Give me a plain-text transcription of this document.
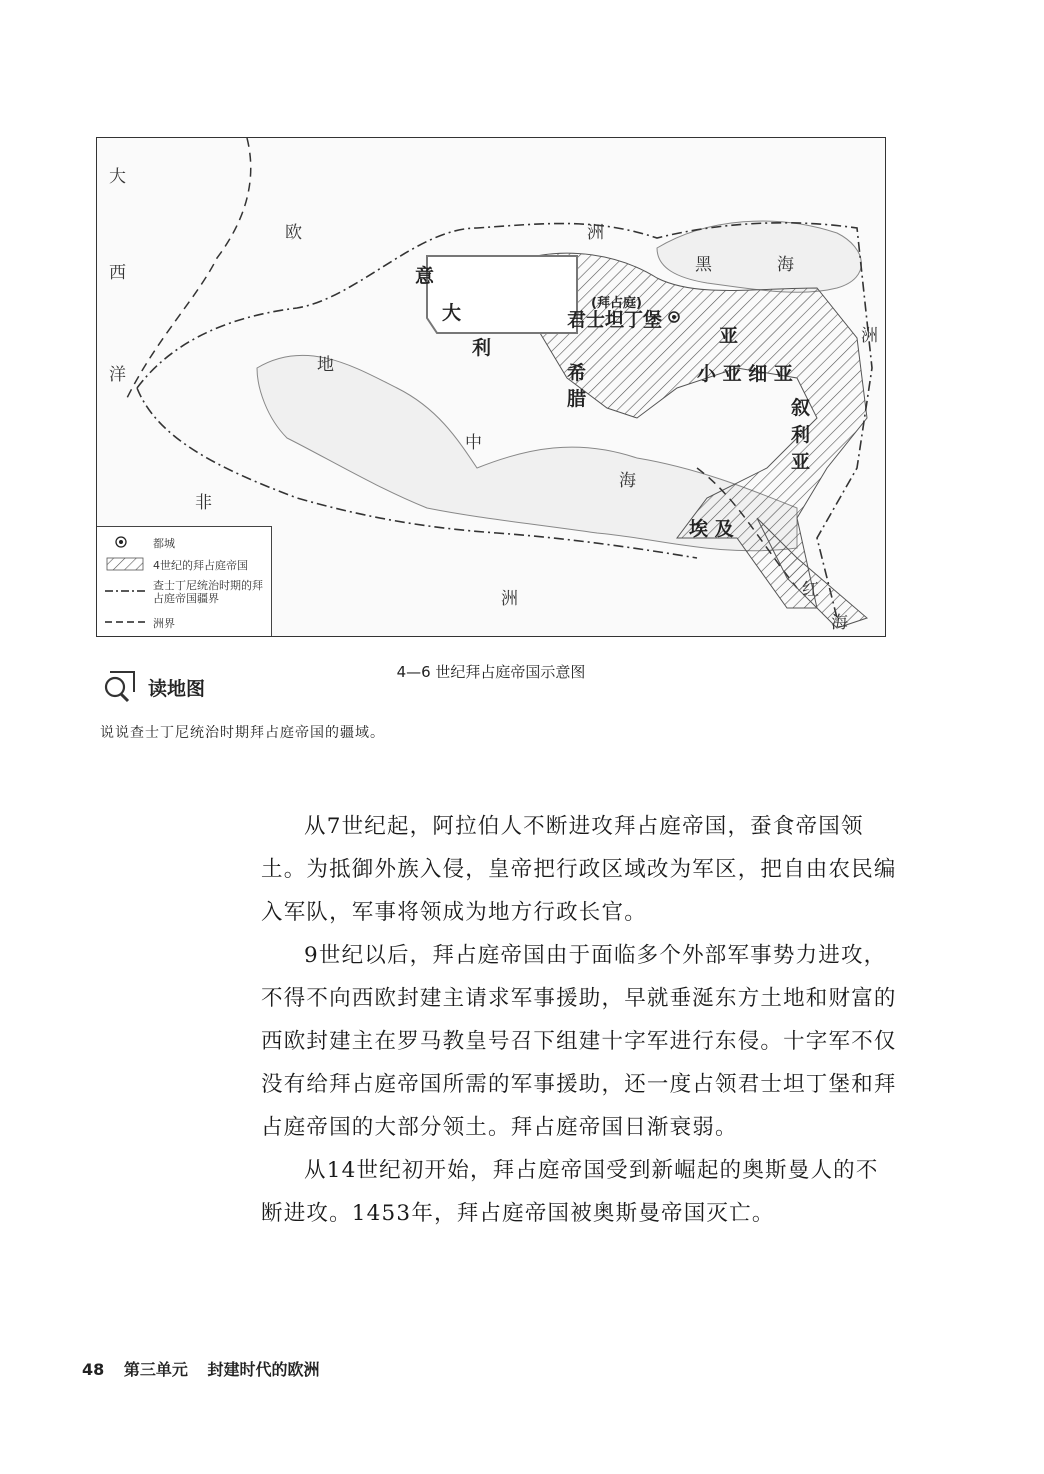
大
西
洋
欧	洲
意
大
利
地
中
海
黑	海
(拜占庭)
君士坦丁堡
亚	洲
小 亚 细 亚
希
腊	叙
利
亚
埃 及
红
海
非
洲
都城
4世纪的拜占庭帝国
查士丁尼统治时期的拜占庭帝国疆界
洲界
4—6 世纪拜占庭帝国示意图
读地图
说说查士丁尼统治时期拜占庭帝国的疆域。

从7世纪起，阿拉伯人不断进攻拜占庭帝国，蚕食帝国领土。为抵御外族入侵，皇帝把行政区域改为军区，把自由农民编入军队，军事将领成为地方行政长官。

9世纪以后，拜占庭帝国由于面临多个外部军事势力进攻，不得不向西欧封建主请求军事援助，早就垂涎东方土地和财富的西欧封建主在罗马教皇号召下组建十字军进行东侵。十字军不仅没有给拜占庭帝国所需的军事援助，还一度占领君士坦丁堡和拜占庭帝国的大部分领土。拜占庭帝国日渐衰弱。

从14世纪初开始，拜占庭帝国受到新崛起的奥斯曼人的不断进攻。1453年，拜占庭帝国被奥斯曼帝国灭亡。

48 第三单元 封建时代的欧洲
